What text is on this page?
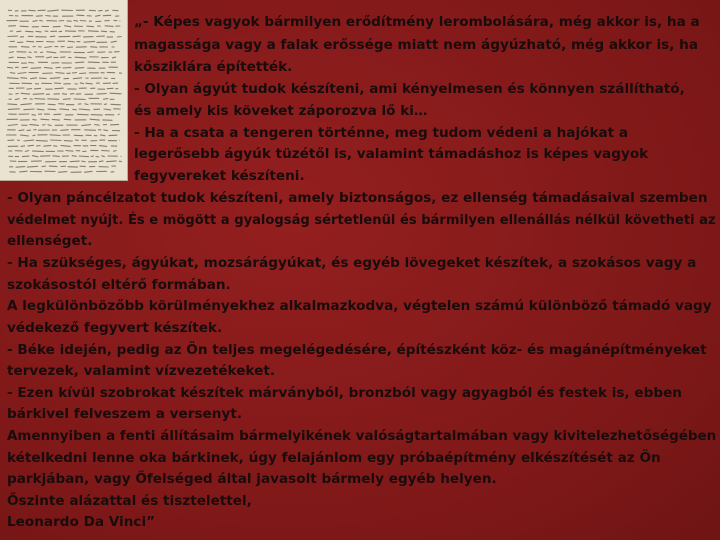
„- Képes vagyok bármilyen erődítmény lerombolására, még akkor is, ha a
magassága vagy a falak erőssége miatt nem ágyúzható, még akkor is, ha
kősziklára építették.
- Olyan ágyút tudok készíteni, ami kényelmesen és könnyen szállítható,
és amely kis köveket záporozva lő ki…
- Ha a csata a tengeren történne, meg tudom védeni a hajókat a
legerősebb ágyúk tüzétől is, valamint támadáshoz is képes vagyok
fegyvereket készíteni.
- Olyan páncélzatot tudok készíteni, amely biztonságos, ez ellenség támadásaival szemben
védelmet nyújt. És e mögött a gyalogság sértetlenül és bármilyen ellenállás nélkül követheti az
ellenséget.
- Ha szükséges, ágyúkat, mozsárágyúkat, és egyéb lövegeket készítek, a szokásos vagy a
szokásostól eltérő formában.
A legkülönbözőbb körülményekhez alkalmazkodva, végtelen számú különböző támadó vagy
védekező fegyvert készítek.
- Béke idején, pedig az Ön teljes megelégedésére, építészként köz- és magánépítményeket
tervezek, valamint vízvezetékeket.
- Ezen kívül szobrokat készítek márványból, bronzból vagy agyagból és festek is, ebben
bárkivel felveszem a versenyt.
Amennyiben a fenti állításaim bármelyikének valóságtartalmában vagy kivitelezhetőségében
kételkedni lenne oka bárkinek, úgy felajánlom egy próbaépítmény elkészítését az Ön
parkjában, vagy Őfelséged által javasolt bármely egyéb helyen.
Őszinte alázattal és tisztelettel,
Leonardo Da Vinci”
